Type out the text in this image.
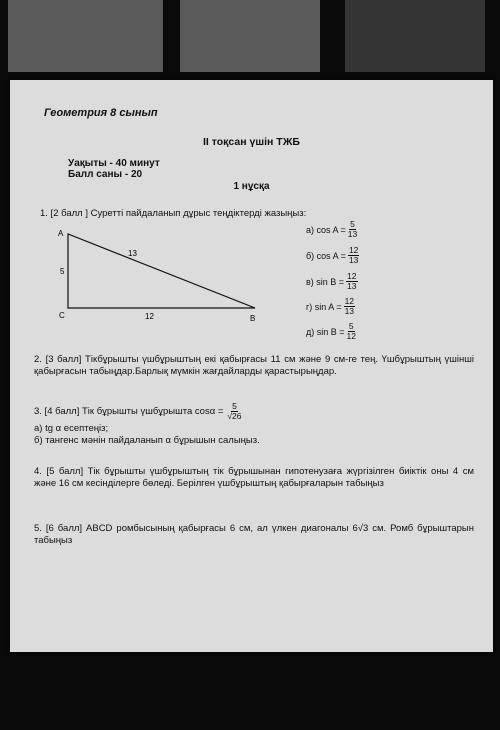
Геометрия 8 сынып
II тоқсан үшін ТЖБ
Уақыты - 40 минут
Балл саны - 20
1 нұсқа
1. [2 балл ] Суретті пайдаланып дұрыс теңдіктерді жазыңыз:
A
C	B
13
5
12
а) $\cos A = \frac{5}{13}$
б) $\cos A = \frac{12}{13}$
в) $\sin B = \frac{12}{13}$
г) $\sin A = \frac{12}{13}$
д) $\sin B = \frac{5}{12}$

2. [3 балл] Тікбұрышты үшбұрыштың екі қабырғасы 11 см және 9 см-ге тең. Үшбұрыштың үшінші қабырғасын табыңдар.Барлық мүмкін жағдайларды қарастырыңдар.

3. [4 балл] Тік бұрышты үшбұрышта $\cos\alpha = \frac{5}{√26}$

а) tg α есептеңіз;

б) тангенс мәнін пайдаланып α бұрышын салыңыз.

4. [5 балл] Тік бұрышты үшбұрыштың тік бұрышынан гипотенузаға жүргізілген биіктік оны 4 см және 16 см кесінділерге бөледі. Берілген үшбұрыштың қабырғаларын табыңыз

5. [6 балл] ABCD ромбысының қабырғасы 6 см, ал үлкен диагоналы 6√3 см. Ромб бұрыштарын табыңыз
